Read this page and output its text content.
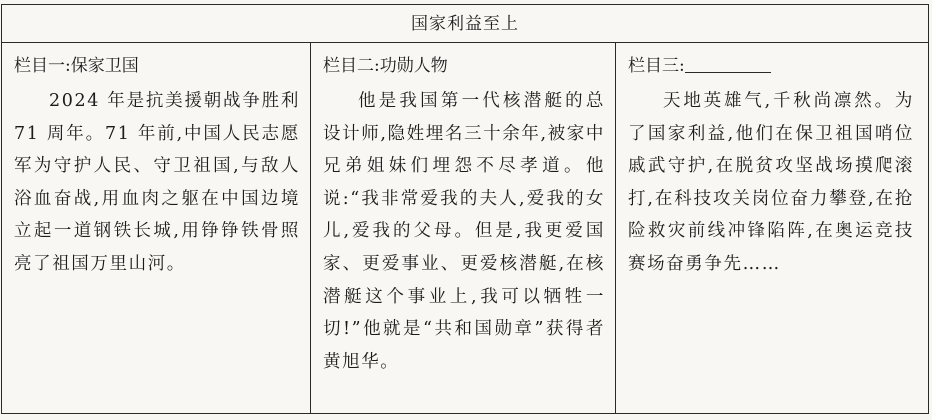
国家利益至上
栏目一:保家卫国
2024 年是抗美援朝战争胜利 71 周年。71 年前,中国人民志愿军为守护人民、守卫祖国,与敌人浴血奋战,用血肉之躯在中国边境立起一道钢铁长城,用铮铮铁骨照亮了祖国万里山河。
栏目二:功勋人物
他是我国第一代核潜艇的总设计师,隐姓埋名三十余年,被家中兄弟姐妹们埋怨不尽孝道。他说:“我非常爱我的夫人,爱我的女儿,爱我的父母。但是,我更爱国家、更爱事业、更爱核潜艇,在核潜艇这个事业上,我可以牺牲一切!”他就是“共和国勋章”获得者黄旭华。
栏目三:
天地英雄气,千秋尚凛然。为了国家利益,他们在保卫祖国哨位戚武守护,在脱贫攻坚战场摸爬滚打,在科技攻关岗位奋力攀登,在抢险救灾前线冲锋陷阵,在奥运竞技赛场奋勇争先……
